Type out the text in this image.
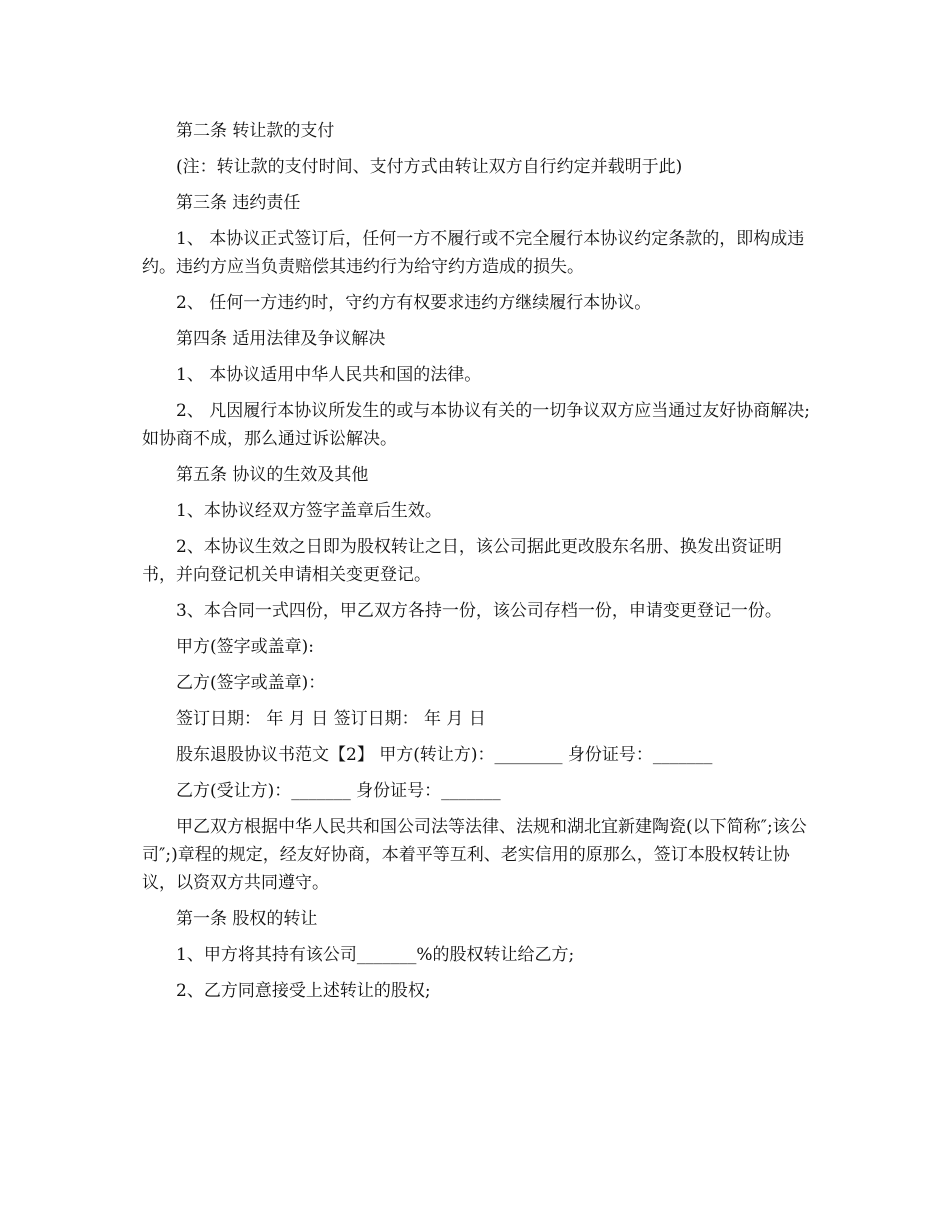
第二条 转让款的支付

(注：转让款的支付时间、支付方式由转让双方自行约定并载明于此)

第三条 违约责任

1、 本协议正式签订后，任何一方不履行或不完全履行本协议约定条款的，即构成违约。违约方应当负责赔偿其违约行为给守约方造成的损失。

2、 任何一方违约时，守约方有权要求违约方继续履行本协议。

第四条 适用法律及争议解决

1、 本协议适用中华人民共和国的法律。

2、 凡因履行本协议所发生的或与本协议有关的一切争议双方应当通过友好协商解决;如协商不成，那么通过诉讼解决。

第五条 协议的生效及其他

1、本协议经双方签字盖章后生效。

2、本协议生效之日即为股权转让之日，该公司据此更改股东名册、换发出资证明书，并向登记机关申请相关变更登记。

3、本合同一式四份，甲乙双方各持一份，该公司存档一份，申请变更登记一份。

甲方(签字或盖章):

乙方(签字或盖章)：

签订日期： 年 月 日 签订日期： 年 月 日

股东退股协议书范文【2】 甲方(转让方)：________ 身份证号：_______

乙方(受让方)：_______ 身份证号：_______

甲乙双方根据中华人民共和国公司法等法律、法规和湖北宜新建陶瓷(以下简称″;该公司″;)章程的规定，经友好协商，本着平等互利、老实信用的原那么，签订本股权转让协议，以资双方共同遵守。

第一条 股权的转让

1、甲方将其持有该公司_______%的股权转让给乙方;

2、乙方同意接受上述转让的股权;
